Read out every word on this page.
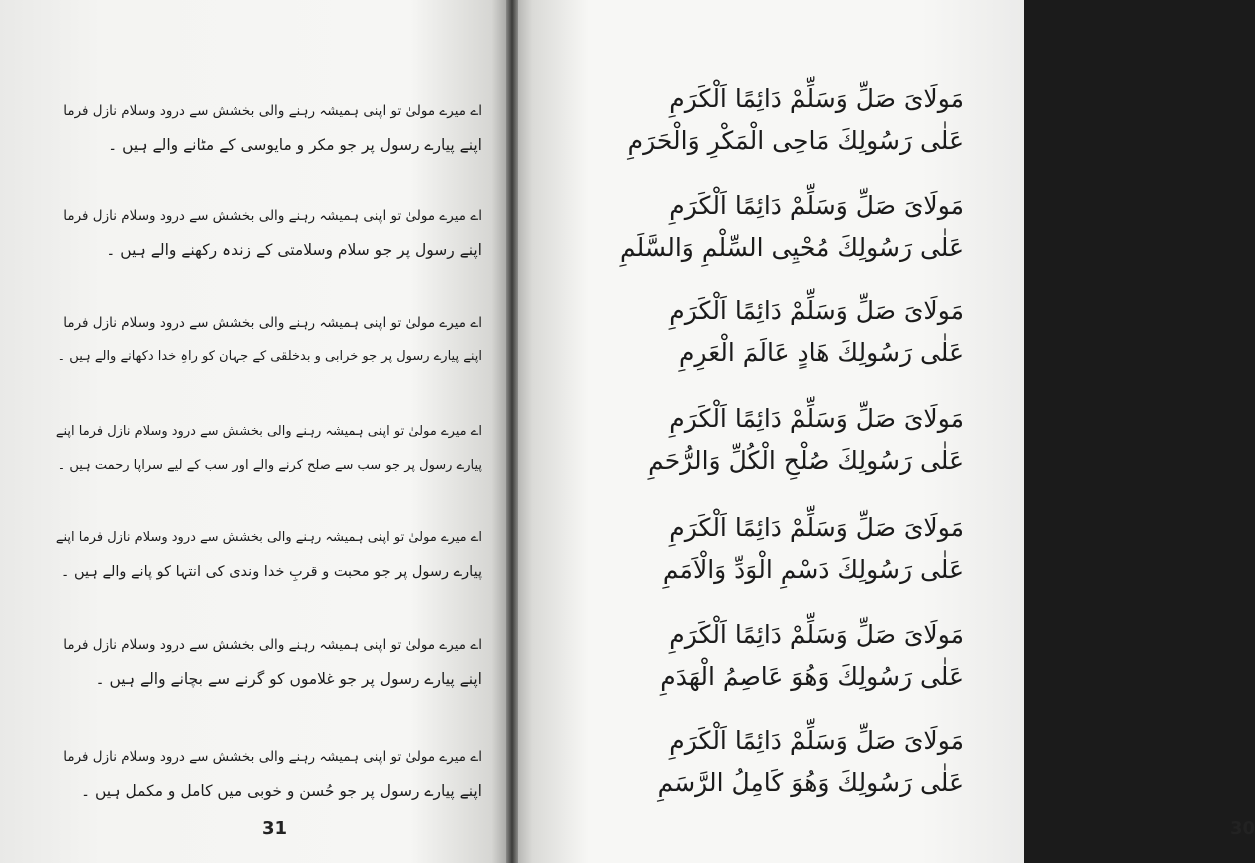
اے میرے مولیٰ تو اپنی ہمیشہ رہنے والی بخشش سے درود وسلام نازل فرما
اپنے پیارے رسول پر جو مکر و مایوسی کے مٹانے والے ہیں ۔
اے میرے مولیٰ تو اپنی ہمیشہ رہنے والی بخشش سے درود وسلام نازل فرما
اپنے رسول پر جو سلام وسلامتی کے زندہ رکھنے والے ہیں ۔
اے میرے مولیٰ تو اپنی ہمیشہ رہنے والی بخشش سے درود وسلام نازل فرما
اپنے پیارے رسول پر جو خرابی و بدخلقی کے جہان کو راہِ خدا دکھانے والے ہیں ۔
اے میرے مولیٰ تو اپنی ہمیشہ رہنے والی بخشش سے درود وسلام نازل فرما اپنے
پیارے رسول پر جو سب سے صلح کرنے والے اور سب کے لیے سراپا رحمت ہیں ۔
اے میرے مولیٰ تو اپنی ہمیشہ رہنے والی بخشش سے درود وسلام نازل فرما اپنے
پیارے رسول پر جو محبت و قربِ خدا وندی کی انتہا کو پانے والے ہیں ۔
اے میرے مولیٰ تو اپنی ہمیشہ رہنے والی بخشش سے درود وسلام نازل فرما
اپنے پیارے رسول پر جو غلاموں کو گرنے سے بچانے والے ہیں ۔
اے میرے مولیٰ تو اپنی ہمیشہ رہنے والی بخشش سے درود وسلام نازل فرما
اپنے پیارے رسول پر جو حُسن و خوبی میں کامل و مکمل ہیں ۔
31
مَولَایَ صَلِّ وَسَلِّمْ دَائِمًا اَلْكَرَمِ
عَلٰى رَسُولِكَ مَاحِى الْمَكْرِ وَالْحَرَمِ
مَولَایَ صَلِّ وَسَلِّمْ دَائِمًا اَلْكَرَمِ
عَلٰى رَسُولِكَ مُحْيِى السِّلْمِ وَالسَّلَمِ
مَولَایَ صَلِّ وَسَلِّمْ دَائِمًا اَلْكَرَمِ
عَلٰى رَسُولِكَ هَادٍ عَالَمَ الْعَرِمِ
مَولَایَ صَلِّ وَسَلِّمْ دَائِمًا اَلْكَرَمِ
عَلٰى رَسُولِكَ صُلْحِ الْكُلِّ وَالرُّحَمِ
مَولَایَ صَلِّ وَسَلِّمْ دَائِمًا اَلْكَرَمِ
عَلٰى رَسُولِكَ دَسْمِ الْوَدِّ وَالْاَمَمِ
مَولَایَ صَلِّ وَسَلِّمْ دَائِمًا اَلْكَرَمِ
عَلٰى رَسُولِكَ وَهُوَ عَاصِمُ الْهَدَمِ
مَولَایَ صَلِّ وَسَلِّمْ دَائِمًا اَلْكَرَمِ
عَلٰى رَسُولِكَ وَهُوَ كَامِلُ الرَّسَمِ
30
